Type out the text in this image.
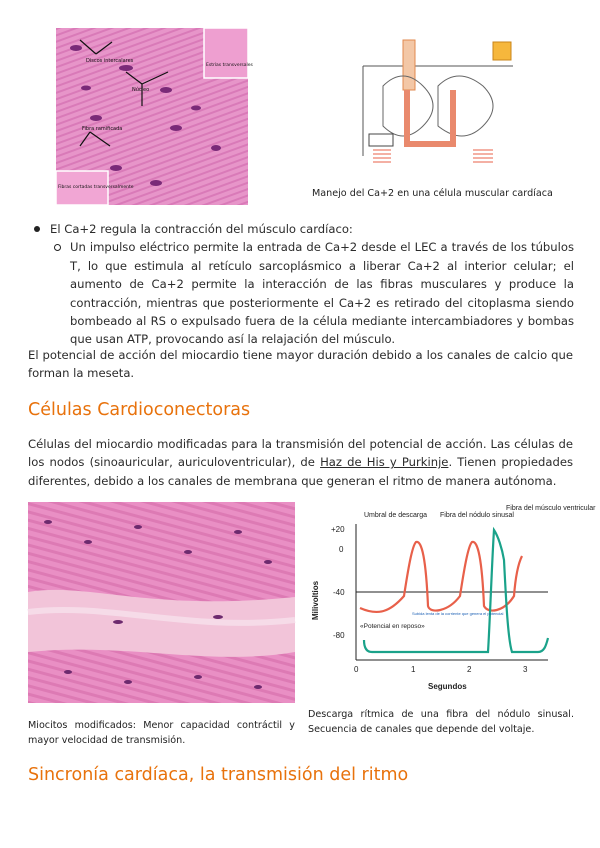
Discos intercalares
Núcleo
Fibra ramificada
Estrías transversales
Fibras cortadas transversalmente
Manejo del Ca+2 en una célula muscular cardíaca
El Ca+2 regula la contracción del músculo cardíaco:
Un impulso eléctrico permite la entrada de Ca+2 desde el LEC a través de los túbulos T, lo que estimula al retículo sarcoplásmico a liberar Ca+2 al interior celular; el aumento de Ca+2 permite la interacción de las fibras musculares y produce la contracción, mientras que posteriormente el Ca+2 es retirado del citoplasma siendo bombeado al RS o expulsado fuera de la célula mediante intercambiadores y bombas que usan ATP, provocando así la relajación del músculo.

El potencial de acción del miocardio tiene mayor duración debido a los canales de calcio que forman la meseta.

Células Cardioconectoras

Células del miocardio modificadas para la transmisión del potencial de acción. Las células de los nodos (sinoauricular, auriculoventricular), de Haz de His y Purkinje. Tienen propiedades diferentes, debido a los canales de membrana que generan el ritmo de manera autónoma.

Miocitos modificados: Menor capacidad contráctil y mayor velocidad de transmisión.
Milivoltios
Segundos
+20
0
-40
-80
0	1	2	3
Umbral de descarga Fibra del nódulo sinusal
Fibra del músculo ventricular
«Potencial en reposo»
Subida lenta de la corriente que genera el potencial
Descarga rítmica de una fibra del nódulo sinusal. Secuencia de canales que depende del voltaje.
Sincronía cardíaca, la transmisión del ritmo
